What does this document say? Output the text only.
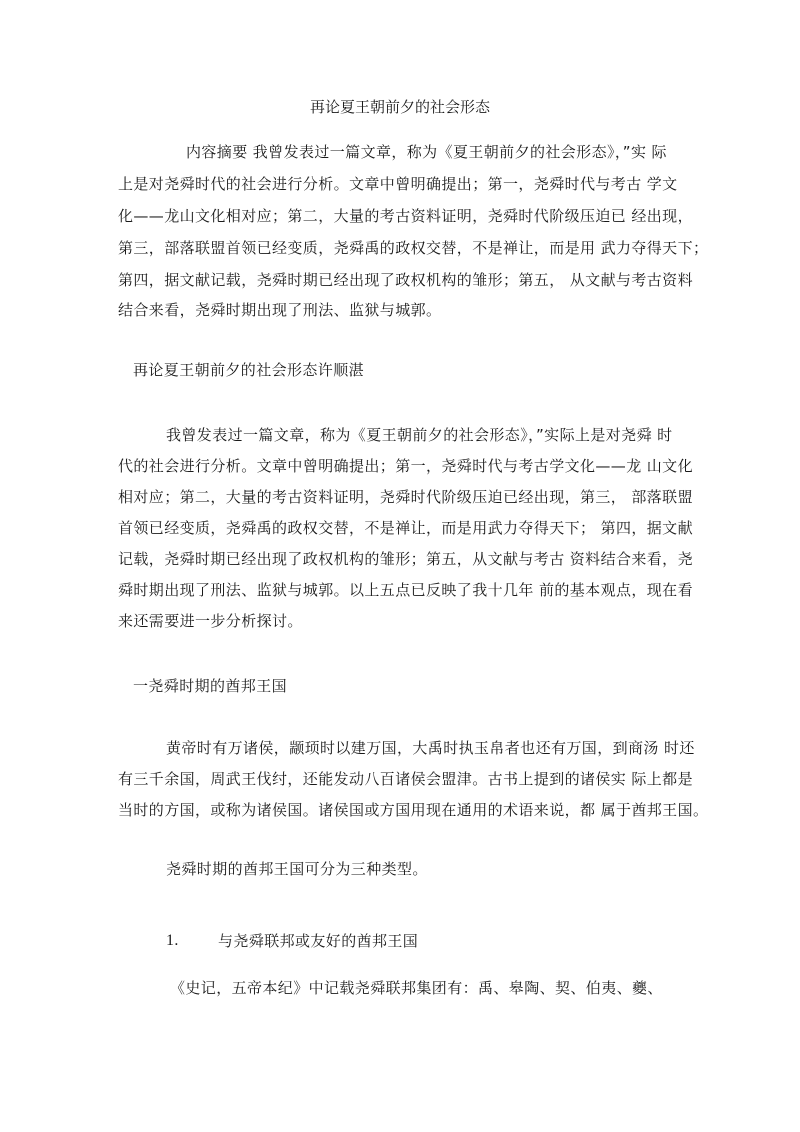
再论夏王朝前夕的社会形态
内容摘要 我曾发表过一篇文章，称为《夏王朝前夕的社会形态》，”实 际
上是对尧舜时代的社会进行分析。文章中曾明确提出；第一，尧舜时代与考古 学文
化——龙山文化相对应；第二，大量的考古资料证明，尧舜时代阶级压迫已 经出现，
第三，部落联盟首领已经变质，尧舜禹的政权交替，不是禅让，而是用 武力夺得天下；
第四，据文献记载，尧舜时期已经出现了政权机构的雏形；第五， 从文献与考古资料
结合来看，尧舜时期出现了刑法、监狱与城郭。
再论夏王朝前夕的社会形态许顺湛
我曾发表过一篇文章，称为《夏王朝前夕的社会形态》，”实际上是对尧舜 时
代的社会进行分析。文章中曾明确提出；第一，尧舜时代与考古学文化——龙 山文化
相对应；第二，大量的考古资料证明，尧舜时代阶级压迫已经出现，第三， 部落联盟
首领已经变质，尧舜禹的政权交替，不是禅让，而是用武力夺得天下； 第四，据文献
记载，尧舜时期已经出现了政权机构的雏形；第五，从文献与考古 资料结合来看，尧
舜时期出现了刑法、监狱与城郭。以上五点已反映了我十几年 前的基本观点，现在看
来还需要进一步分析探讨。
一尧舜时期的酋邦王国
黄帝时有万诸侯，颛顼时以建万国，大禹时执玉帛者也还有万国，到商汤 时还
有三千余国，周武王伐纣，还能发动八百诸侯会盟津。古书上提到的诸侯实 际上都是
当时的方国，或称为诸侯国。诸侯国或方国用现在通用的术语来说，都 属于酋邦王国。
尧舜时期的酋邦王国可分为三种类型。
1.	与尧舜联邦或友好的酋邦王国
《史记，五帝本纪》中记载尧舜联邦集团有：禹、皋陶、契、伯夷、夔、
